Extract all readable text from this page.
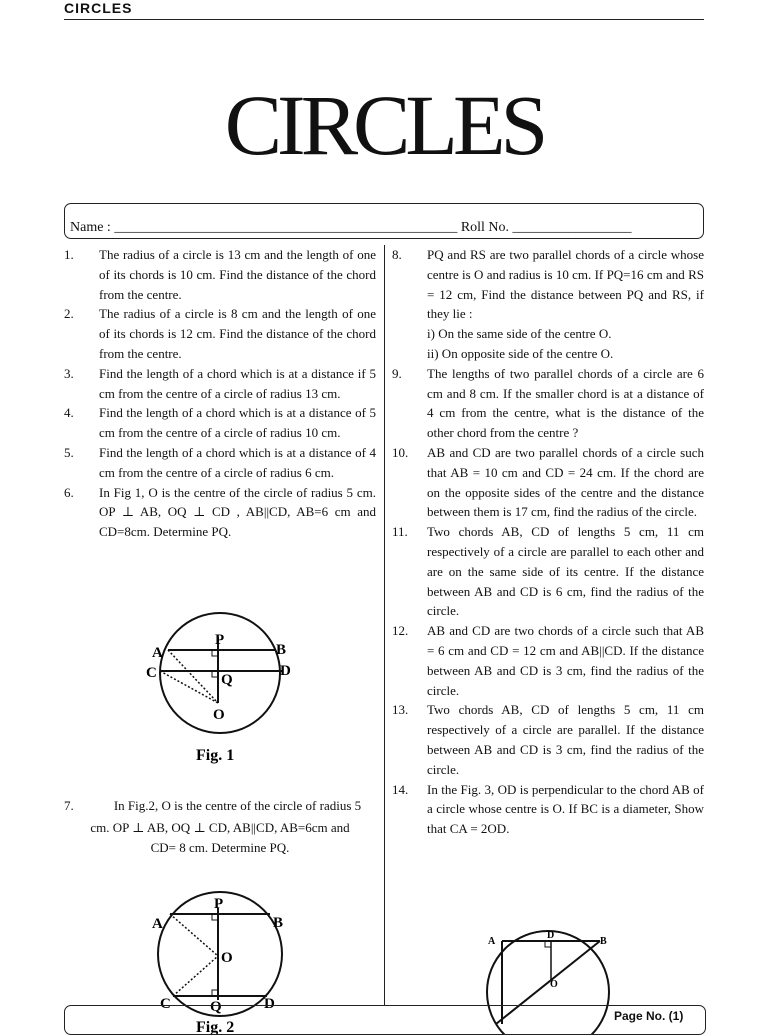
CIRCLES
CIRCLES
Name : _________________________________________________ Roll No. _________________
1.	The radius of a circle is 13 cm and the length of one of its chords is 10 cm. Find the distance of the chord from the centre.
2.	The radius of a circle is 8 cm and the length of one of its chords is 12 cm. Find the distance of the chord from the centre.
3.	Find the length of a chord which is at a distance if 5 cm from the centre of a circle of radius 13 cm.
4.	Find the length of a chord which is at a distance of 5 cm from the centre of a circle of radius 10 cm.
5.	Find the length of a chord which is at a distance of 4 cm from the centre of a circle of radius 6 cm.
6.	In Fig 1, O is the centre of the circle of radius 5 cm. OP ⊥ AB, OQ ⊥ CD , AB||CD, AB=6 cm and CD=8cm. Determine PQ.
A	B
C	D
P
Q
O
Fig. 1
7.	In Fig.2, O is the centre of the circle of radius 5
cm. OP ⊥ AB, OQ ⊥ CD, AB||CD, AB=6cm and
CD= 8 cm. Determine PQ.
A	B
C	D
P
Q
O
Fig. 2
8.	PQ and RS are two parallel chords of a circle whose centre is O and radius is 10 cm. If PQ=16 cm and RS = 12 cm, Find the distance between PQ and RS, if they lie :
i) On the same side of the centre O.
ii) On opposite side of the centre O.
9.	The lengths of two parallel chords of a circle are 6 cm and 8 cm. If the smaller chord is at a distance of 4 cm from the centre, what is the distance of the other chord from the centre ?
10.	AB and CD are two parallel chords of a circle such that AB = 10 cm and CD = 24 cm. If the chord are on the opposite sides of the centre and the distance between them is 17 cm, find the radius of the circle.
11.	Two chords AB, CD of lengths 5 cm, 11 cm respectively of a circle are parallel to each other and are on the same side of its centre. If the distance between AB and CD is 6 cm, find the radius of the circle.
12.	AB and CD are two chords of a circle such that AB = 6 cm and CD = 12 cm and AB||CD. If the distance between AB and CD is 3 cm, find the radius of the circle.
13.	Two chords AB, CD of lengths 5 cm, 11 cm respectively of a circle are parallel. If the distance between AB and CD is 3 cm, find the radius of the circle.
14.	In the Fig. 3, OD is perpendicular to the chord AB of a circle whose centre is O. If BC is a diameter, Show that CA = 2OD.
A	B
D
O
Page No. (1)
